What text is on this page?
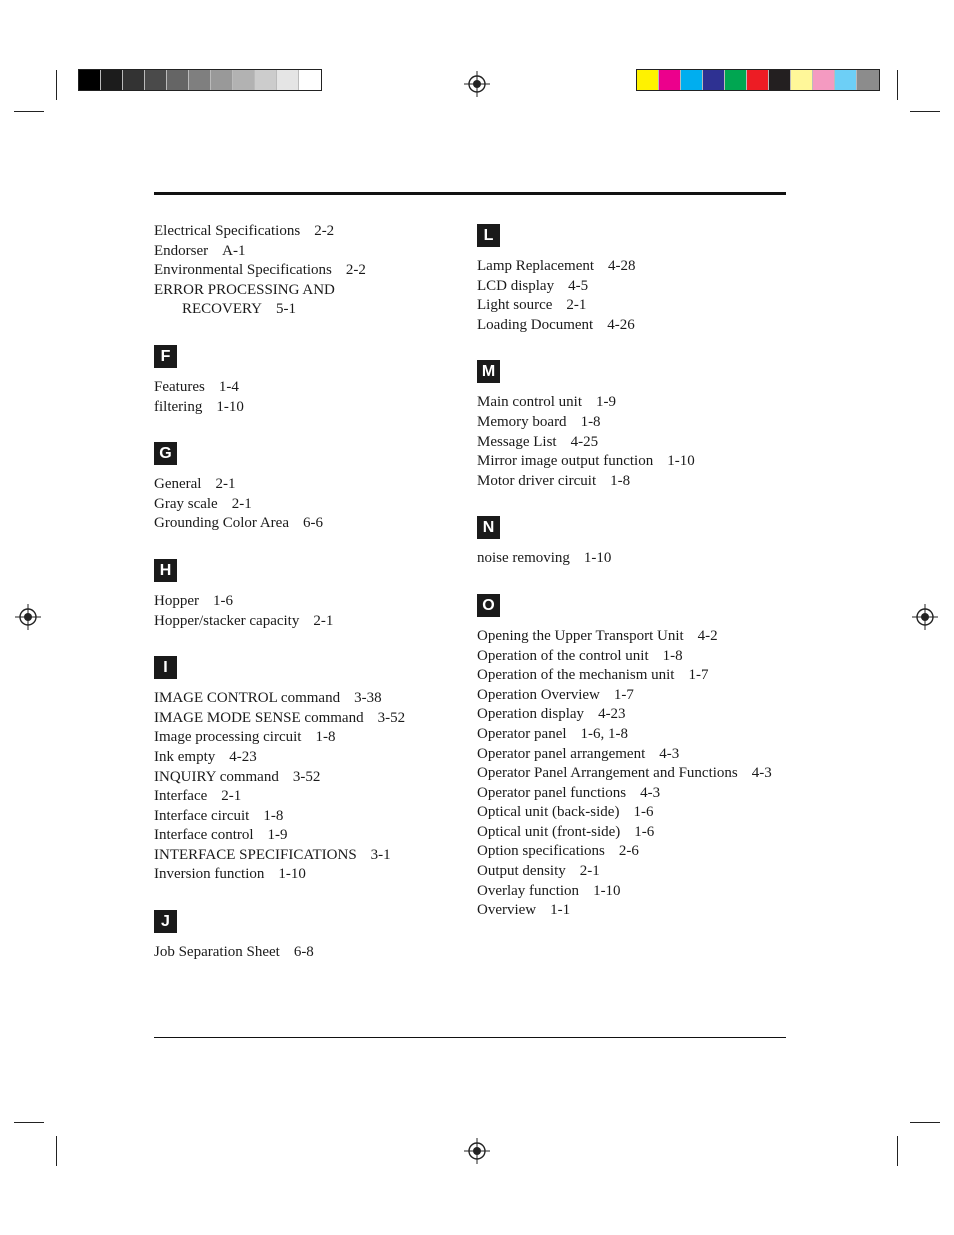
Electrical Specifications 2-2
Endorser A-1
Environmental Specifications 2-2
ERROR PROCESSING AND
RECOVERY 5-1
F
Features 1-4
filtering 1-10
G
General 2-1
Gray scale 2-1
Grounding Color Area 6-6
H
Hopper 1-6
Hopper/stacker capacity 2-1
I
IMAGE CONTROL command 3-38
IMAGE MODE SENSE command 3-52
Image processing circuit 1-8
Ink empty 4-23
INQUIRY command 3-52
Interface 2-1
Interface circuit 1-8
Interface control 1-9
INTERFACE SPECIFICATIONS 3-1
Inversion function 1-10
J
Job Separation Sheet 6-8
L
Lamp Replacement 4-28
LCD display 4-5
Light source 2-1
Loading Document 4-26
M
Main control unit 1-9
Memory board 1-8
Message List 4-25
Mirror image output function 1-10
Motor driver circuit 1-8
N
noise removing 1-10
O
Opening the Upper Transport Unit 4-2
Operation of the control unit 1-8
Operation of the mechanism unit 1-7
Operation Overview 1-7
Operation display 4-23
Operator panel 1-6, 1-8
Operator panel arrangement 4-3
Operator Panel Arrangement and Functions 4-3
Operator panel functions 4-3
Optical unit (back-side) 1-6
Optical unit (front-side) 1-6
Option specifications 2-6
Output density 2-1
Overlay function 1-10
Overview 1-1
